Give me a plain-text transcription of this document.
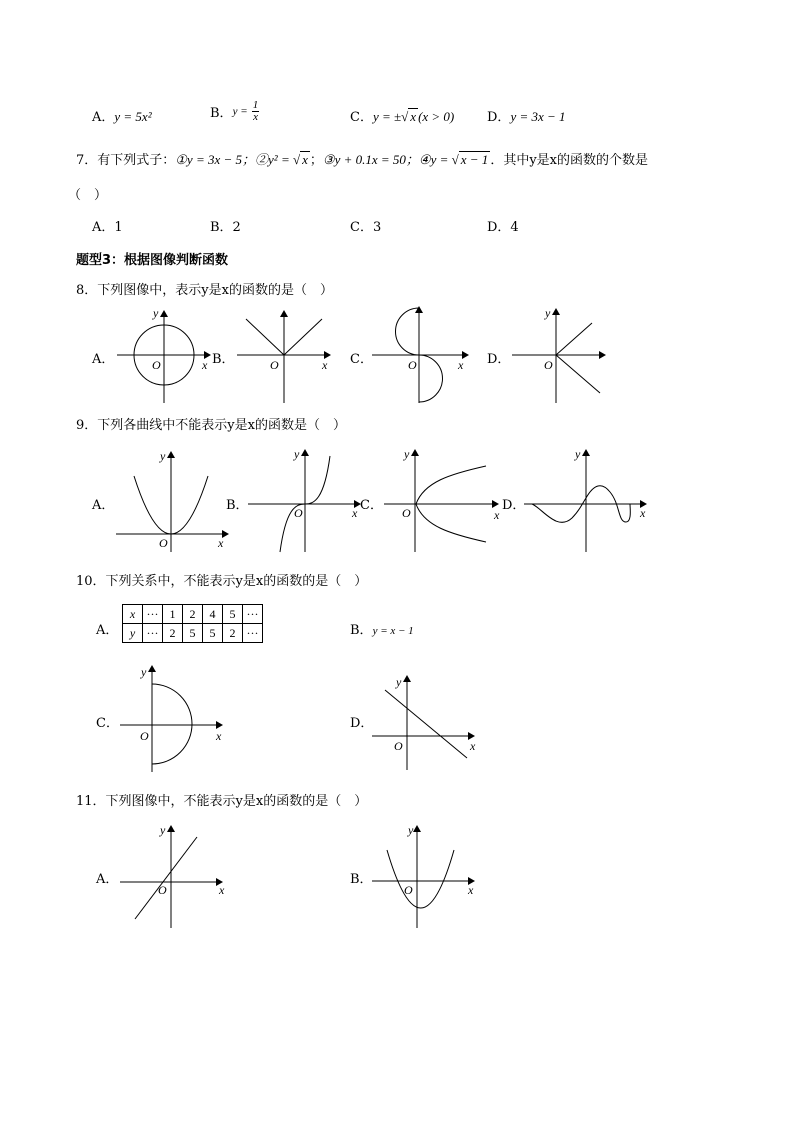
A．y = 5x²	B．$y = \frac{1}{x}$	C．y = ±√ x (x > 0)	D．y = 3x − 1
7．有下列式子：①y = 3x − 5；②y² = √ x ；③y + 0.1x = 50；④y = √ x − 1 ．其中y是x的函数的个数是
（　）
A．1	B．2	C．3	D．4
题型3：根据图像判断函数
8．下列图像中，表示y是x的函数的是（　）
A．	B．	C．	D．
y
x
O	x
O	x
O
y
O
9．下列各曲线中不能表示y是x的函数是（　）
A．	B．	C．	D．
y
x
O
y
x
O
y
x
O
y
x
10．下列关系中，不能表示y是x的函数的是（　）
A．
x	···	1	2	4	5	···
y	···	2	5	5	2	···	B．y = x − 1
C．	D．
y
x
O
y
x
O
11．下列图像中，不能表示y是x的函数的是（　）
A．	B．
y
x
O
y
x
O
